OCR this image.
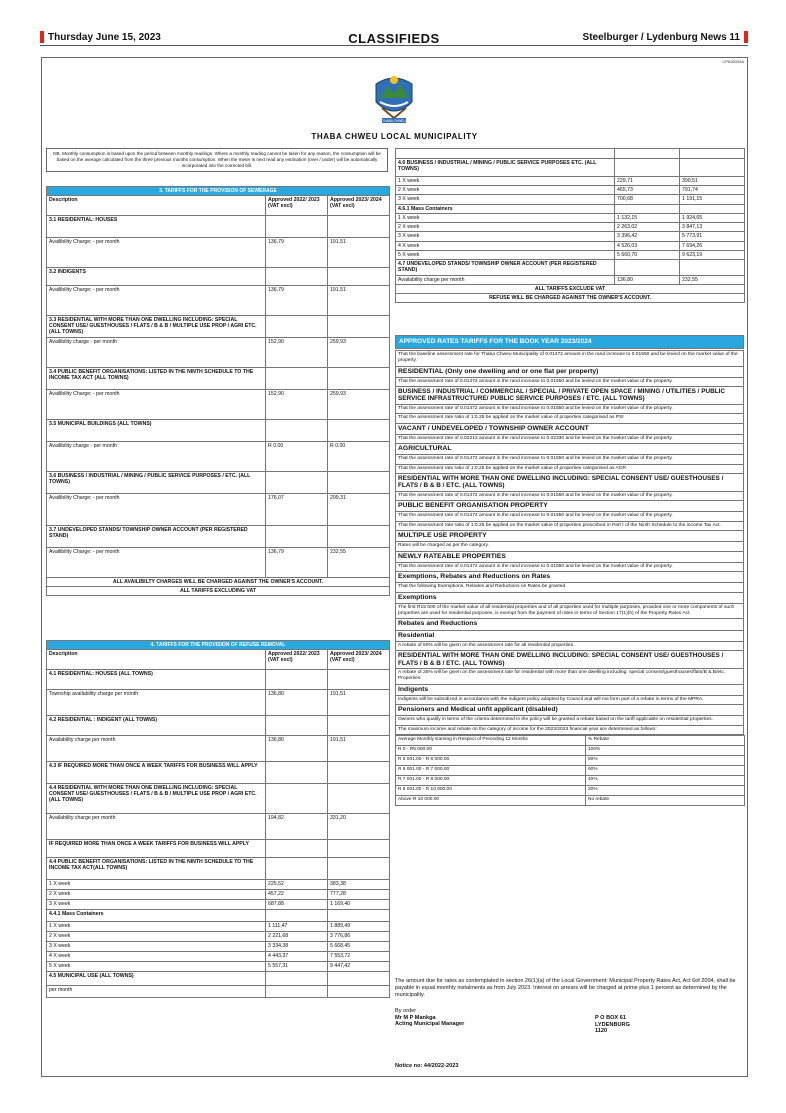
Thursday June 15, 2023	CLASSIFIEDS	Steelburger / Lydenburg News 11
CP626094A
THABA CHWEU
THABA CHWEU LOCAL MUNICIPALITY
NB. Monthly consumption is based upon the period between monthly readings. Where a monthly reading cannot be taken for any reason, the consumption will be based on the average calculated from the three previous months consumption. When the meter is next read any estimation (over / under) will be automatically incorporated into the corrected bill.
3. TARIFFS FOR THE PROVISION OF SEWERAGE		
Description	Approved 2022/ 2023 (VAT excl)	Approved 2023/ 2024 (VAT excl)
3.1 RESIDENTIAL: HOUSES		
Availibility Charge: - per month	136,79	191,51
3.2 INDIGENTS		
Availibility Charge: - per month	136,79	191,51
3.3 RESIDENTIAL WITH MORE THAN ONE DWELLING INCLUDING: SPECIAL CONSENT USE/ GUESTHOUSES / FLATS / B & B / MULTIPLE USE PROP / AGRI ETC. (ALL TOWNS)		
Availibility charge - per month	152,90	259,93
3.4 PUBLIC BENEFIT ORGANISATIONS: LISTED IN THE NINTH SCHEDULE TO THE INCOME TAX ACT (ALL TOWNS)		
Availibility Charge: - per month	152,90	259,93
3.5 MUNICIPAL BUILDINGS (ALL TOWNS)		
Availibility charge - per month	R 0.00	R 0.00
3.6 BUSINESS / INDUSTRIAL / MINING / PUBLIC SERVICE PURPOSES / ETC. (ALL TOWNS)		
Availibility Charge: - per month	176,07	299,31
3.7 UNDEVELOPED STANDS/ TOWNSHIP OWNER ACCOUNT (PER REGISTERED STAND)		
Availibility Charge: - per month	136,79	232,55
ALL AVAILIBILTY CHARGES WILL BE CHARGED AGAINST THE OWNER'S ACCOUNT.		
ALL TARIFFS EXCLUDING VAT		
4. TARIFFS FOR THE PROVISION OF REFUSE REMOVAL		
Description	Approved 2022/ 2023 (VAT excl)	Approved 2023/ 2024 (VAT excl)
4.1 RESIDENTIAL: HOUSES (ALL TOWNS)		
Township availability charge per month	136,80	191,51
4.2 RESIDENTIAL : INDIGENT (ALL TOWNS)		
Availability charge per month	136,80	191,51
4.3 IF REQUIRED MORE THAN ONCE A WEEK TARIFFS FOR BUSINESS WILL APPLY		
4.4 RESIDENTIAL WITH MORE THAN ONE DWELLING INCLUDING: SPECIAL CONSENT USE/ GUESTHOUSES / FLATS / B & B / MULTIPLE USE PROP / AGRI ETC. (ALL TOWNS)		
Availability charge per month	194,82	331,20
IF REQUIRED MORE THAN ONCE A WEEK TARIFFS FOR BUSINESS WILL APPLY		
4.4 PUBLIC BENEFIT ORGANISATIONS: LISTED IN THE NINTH SCHEDULE TO THE INCOME TAX ACT(ALL TOWNS)		
1 X week	225,52	383,38
2 X week	457,22	777,28
3 X week	687,88	1 169,40
4.4.1 Mass Containers		
1 X week	1 111,47	1 889,49
2 X week	2 221,68	3 776,86
3 X week	3 334,38	5 668,45
4 X week	4 443,37	7 553,72
5 X week	5 557,31	9 447,42
4.5 MUNICIPAL USE (ALL TOWNS)		
per month		

4.6 BUSINESS / INDUSTRIAL / MINING / PUBLIC SERVICE PURPOSES ETC. (ALL TOWNS)		
1 X week	229,71	390,51
2 X week	465,73	791,74
3 X week	700,68	1 191,15
4.6.1 Mass Containers		
1 X week	1 132,15	1 924,65
2 X week	2 263,02	3 847,13
3 X week	3 396,42	5 773,91
4 X week	4 526,03	7 694,26
5 X week	5 660,70	9 623,19
4.7 UNDEVELOPED STANDS/ TOWNSHIP OWNER ACCOUNT (PER REGISTERED STAND)		
Availability charge per month	136,80	232,55
ALL TARIFFS EXCLUDE VAT		
REFUSE WILL BE CHARGED AGAINST THE OWNER'S ACCOUNT.		
APPROVED RATES TARIFFS FOR THE BOOK YEAR 2023/2024
That the baseline assessment rate for Thaba Chweu Municipality of 0.01472 amount in the rand increase to 0.01550 and be levied on the market value of the property.
RESIDENTIAL (Only one dwelling and or one flat per property)
That the assessment rate of 0.01472 amount in the rand increase to 0.01550 and be levied on the market value of the property.
BUSINESS / INDUSTRIAL / COMMERCIAL / SPECIAL / PRIVATE OPEN SPACE / MINING / UTILITIES / PUBLIC SERVICE INFRASTRUCTURE/ PUBLIC SERVICE PURPOSES / ETC. (ALL TOWNS)
That the assessment rate of 0.01472 amount in the rand increase to 0.01550 and be levied on the market value of the property.
That the assessment rate ratio of 1:0.25 be applied on the market value of properties categorised as PSI
VACANT / UNDEVELOPED / TOWNSHIP OWNER ACCOUNT
That the assessment rate of 0.02213 amount in the rand increase to 0.02330 and be levied on the market value of the property.
AGRICULTURAL
That the assessment rate of 0.01472 amount in the rand increase to 0.01550 and be levied on the market value of the property.
That the assessment rate ratio of 1:0.25 be applied on the market value of properties categorised as AGR
RESIDENTIAL WITH MORE THAN ONE DWELLING INCLUDING: SPECIAL CONSENT USE/ GUESTHOUSES / FLATS / B & B / ETC. (ALL TOWNS)
That the assessment rate of 0.01472 amount in the rand increase to 0.01550 and be levied on the market value of the property.
PUBLIC BENEFIT ORGANISATION PROPERTY
That the assessment rate of 0.01472 amount in the rand increase to 0.01550 and be levied on the market value of the property.
That the assessment rate ratio of 1:0.25 be applied on the market value of properties prescribed in Part I of the Ninth Schedule to the income Tax Act.
MULTIPLE USE PROPERTY
Rates will be charged as per the category.
NEWLY RATEABLE PROPERTIES
That the assessment rate of 0.01472 amount in the rand increase to 0.01550 and be levied on the market value of the property.
Exemptions, Rebates and Reductions on Rates
That the following Exemptions, Rebates and Reductions on Rates be granted
Exemptions
The first R15 000 of the market value of all residential properties and of all properties used for multiple purposes, provided one or more components of such properties are used for residential purposes, is exempt from the payment of rates in terms of Section 17(1)(h) of the Property Rates Act.
Rebates and Reductions
Residential
A rebate of 50% will be given on the assessment rate for all residential properties.
RESIDENTIAL WITH MORE THAN ONE DWELLING INCLUDING: SPECIAL CONSENT USE/ GUESTHOUSES / FLATS / B & B / ETC. (ALL TOWNS)
A rebate of 25% will be given on the assessment rate for residential with more than one dwelling including: special consent/guesthouses/flats/B & B/etc. Properties.
Indigents
Indigents will be subsidized in accordance with the indigent policy adopted by Council and will not form part of a rebate in terms of the MPRA.
Pensioners and Medical unfit applicant (disabled)
Owners who qualify in terms of the criteria determined in the policy will be granted a rebate based on the tariff applicable on residential properties.
The maximum income and rebate on the category of income for the 2023/2023 financial year are determined as follows:
Average Monthly Earning in Respect of Preceding 12 Months	% Rebate
R 0 - R5 000.00	100%
R 5 001.00 - R 6 000.00	80%
R 6 001.00 - R 7 000.00	60%
R 7 001.00 - R 8 000.00	40%
R 8 001.00 - R 10 000.00	20%
Above R 10 000.00	No rebate
The amount due for rates as contemplated in section 26(1)(a) of the Local Government: Municipal Property Rates Act, Act 6of 2004, shall be payable in equal monthly instalments as from July 2023. Interest on arrears will be charged at prime plus 1 percent as determined by the municipality.
By order
Mr M P Mankga
Acting Municipal Manager
P O BOX 61
LYDENBURG
1120
Notice no: 44/2022-2023
